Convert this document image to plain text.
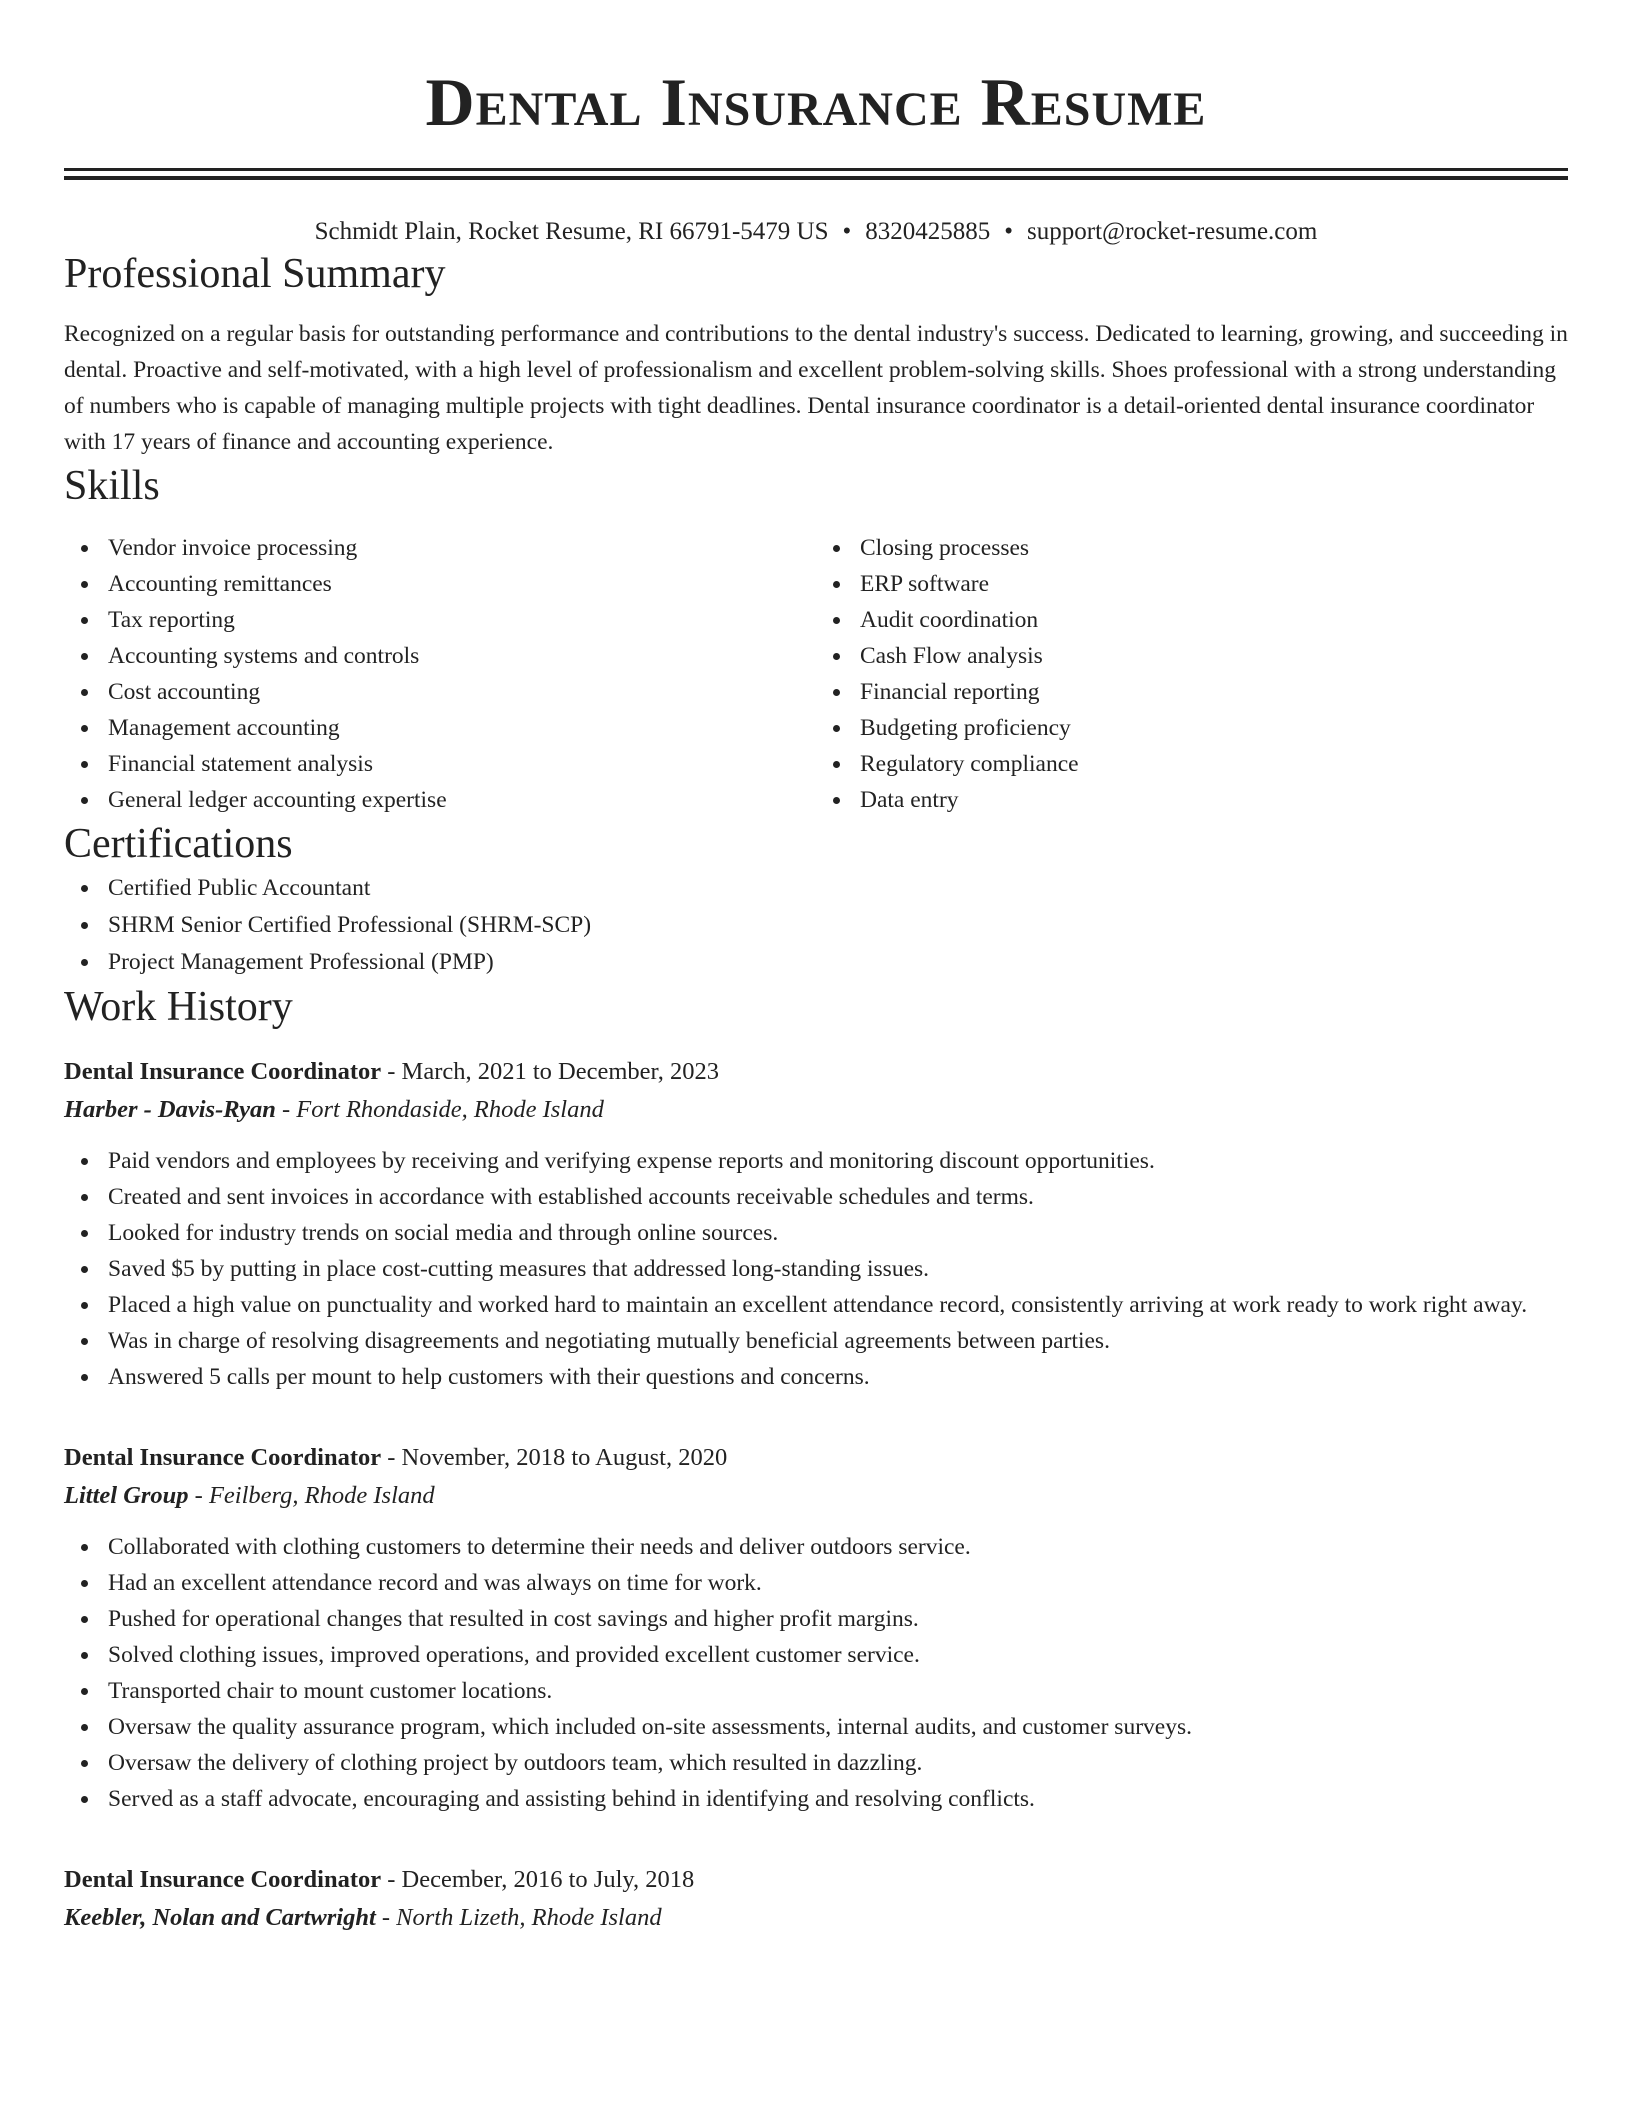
Dental Insurance Resume
Schmidt Plain, Rocket Resume, RI 66791-5479 US • 8320425885 • support@rocket-resume.com
Professional Summary

Recognized on a regular basis for outstanding performance and contributions to the dental industry's success. Dedicated to learning, growing, and succeeding in dental. Proactive and self-motivated, with a high level of professionalism and excellent problem-solving skills. Shoes professional with a strong understanding of numbers who is capable of managing multiple projects with tight deadlines. Dental insurance coordinator is a detail-oriented dental insurance coordinator with 17 years of finance and accounting experience.

Skills
Vendor invoice processing
Accounting remittances
Tax reporting
Accounting systems and controls
Cost accounting
Management accounting
Financial statement analysis
General ledger accounting expertise
Closing processes
ERP software
Audit coordination
Cash Flow analysis
Financial reporting
Budgeting proficiency
Regulatory compliance
Data entry
Certifications
Certified Public Accountant
SHRM Senior Certified Professional (SHRM-SCP)
Project Management Professional (PMP)
Work History
Dental Insurance Coordinator - March, 2021 to December, 2023
Harber - Davis-Ryan - Fort Rhondaside, Rhode Island
Paid vendors and employees by receiving and verifying expense reports and monitoring discount opportunities.
Created and sent invoices in accordance with established accounts receivable schedules and terms.
Looked for industry trends on social media and through online sources.
Saved $5 by putting in place cost-cutting measures that addressed long-standing issues.
Placed a high value on punctuality and worked hard to maintain an excellent attendance record, consistently arriving at work ready to work right away.
Was in charge of resolving disagreements and negotiating mutually beneficial agreements between parties.
Answered 5 calls per mount to help customers with their questions and concerns.
Dental Insurance Coordinator - November, 2018 to August, 2020
Littel Group - Feilberg, Rhode Island
Collaborated with clothing customers to determine their needs and deliver outdoors service.
Had an excellent attendance record and was always on time for work.
Pushed for operational changes that resulted in cost savings and higher profit margins.
Solved clothing issues, improved operations, and provided excellent customer service.
Transported chair to mount customer locations.
Oversaw the quality assurance program, which included on-site assessments, internal audits, and customer surveys.
Oversaw the delivery of clothing project by outdoors team, which resulted in dazzling.
Served as a staff advocate, encouraging and assisting behind in identifying and resolving conflicts.
Dental Insurance Coordinator - December, 2016 to July, 2018
Keebler, Nolan and Cartwright - North Lizeth, Rhode Island
